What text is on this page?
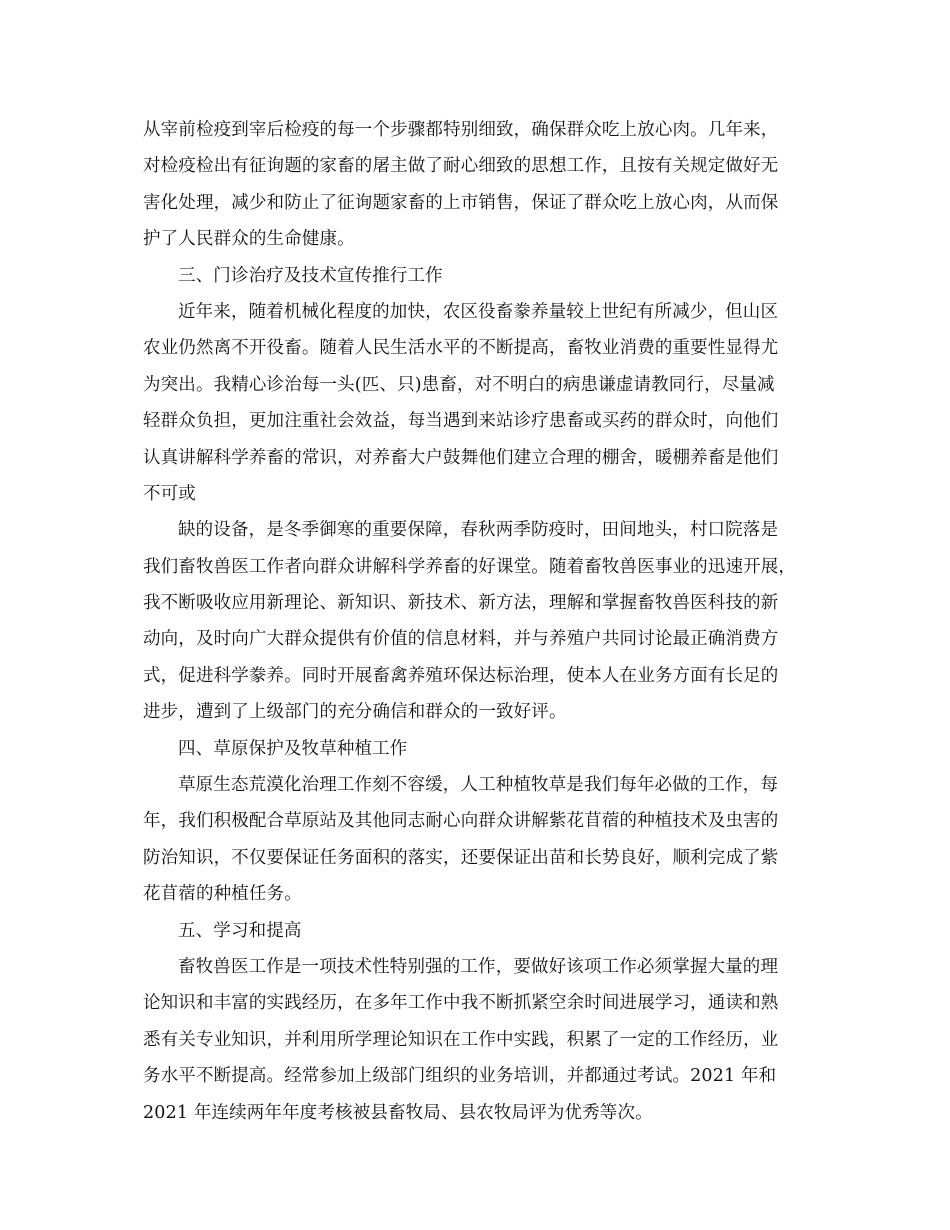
从宰前检疫到宰后检疫的每一个步骤都特别细致，确保群众吃上放心肉。几年来，
对检疫检出有征询题的家畜的屠主做了耐心细致的思想工作，且按有关规定做好无
害化处理，减少和防止了征询题家畜的上市销售，保证了群众吃上放心肉，从而保
护了人民群众的生命健康。
三、门诊治疗及技术宣传推行工作
近年来，随着机械化程度的加快，农区役畜豢养量较上世纪有所减少，但山区
农业仍然离不开役畜。随着人民生活水平的不断提高，畜牧业消费的重要性显得尤
为突出。我精心诊治每一头(匹、只)患畜，对不明白的病患谦虚请教同行，尽量减
轻群众负担，更加注重社会效益，每当遇到来站诊疗患畜或买药的群众时，向他们
认真讲解科学养畜的常识，对养畜大户鼓舞他们建立合理的棚舍，暖棚养畜是他们
不可或
缺的设备，是冬季御寒的重要保障，春秋两季防疫时，田间地头，村口院落是
我们畜牧兽医工作者向群众讲解科学养畜的好课堂。随着畜牧兽医事业的迅速开展，
我不断吸收应用新理论、新知识、新技术、新方法，理解和掌握畜牧兽医科技的新
动向，及时向广大群众提供有价值的信息材料，并与养殖户共同讨论最正确消费方
式，促进科学豢养。同时开展畜禽养殖环保达标治理，使本人在业务方面有长足的
进步，遭到了上级部门的充分确信和群众的一致好评。
四、草原保护及牧草种植工作
草原生态荒漠化治理工作刻不容缓，人工种植牧草是我们每年必做的工作，每
年，我们积极配合草原站及其他同志耐心向群众讲解紫花苜蓿的种植技术及虫害的
防治知识，不仅要保证任务面积的落实，还要保证出苗和长势良好，顺利完成了紫
花苜蓿的种植任务。
五、学习和提高
畜牧兽医工作是一项技术性特别强的工作，要做好该项工作必须掌握大量的理
论知识和丰富的实践经历，在多年工作中我不断抓紧空余时间进展学习，通读和熟
悉有关专业知识，并利用所学理论知识在工作中实践，积累了一定的工作经历，业
务水平不断提高。经常参加上级部门组织的业务培训，并都通过考试。2021 年和
2021 年连续两年年度考核被县畜牧局、县农牧局评为优秀等次。
